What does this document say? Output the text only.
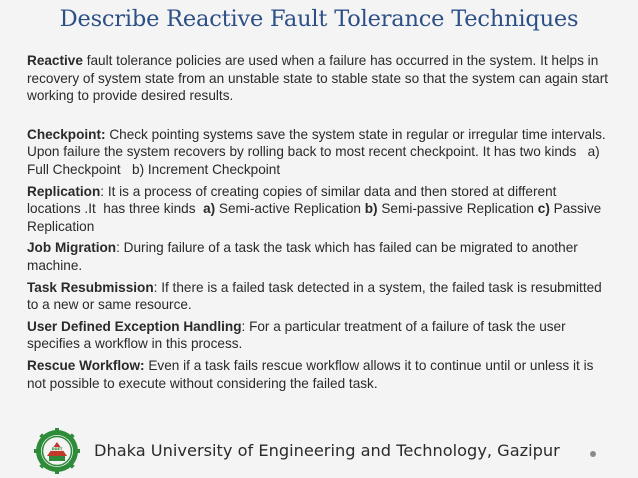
Describe Reactive Fault Tolerance Techniques

Reactive fault tolerance policies are used when a failure has occurred in the system. It helps in recovery of system state from an unstable state to stable state so that the system can again start working to provide desired results.

Checkpoint: Check pointing systems save the system state in regular or irregular time intervals. Upon failure the system recovers by rolling back to most recent checkpoint. It has two kinds   a) Full Checkpoint   b) Increment Checkpoint

Replication: It is a process of creating copies of similar data and then stored at different locations .It  has three kinds  a) Semi-active Replication b) Semi-passive Replication c) Passive Replication

Job Migration: During failure of a task the task which has failed can be migrated to another machine.

Task Resubmission: If there is a failed task detected in a system, the failed task is resubmitted to a new or same resource.

User Defined Exception Handling: For a particular treatment of a failure of task the user specifies a workflow in this process.

Rescue Workflow: Even if a task fails rescue workflow allows it to continue until or unless it is not possible to execute without considering the failed task.

DUET Dhaka University of Engineering and Technology, Gazipur
